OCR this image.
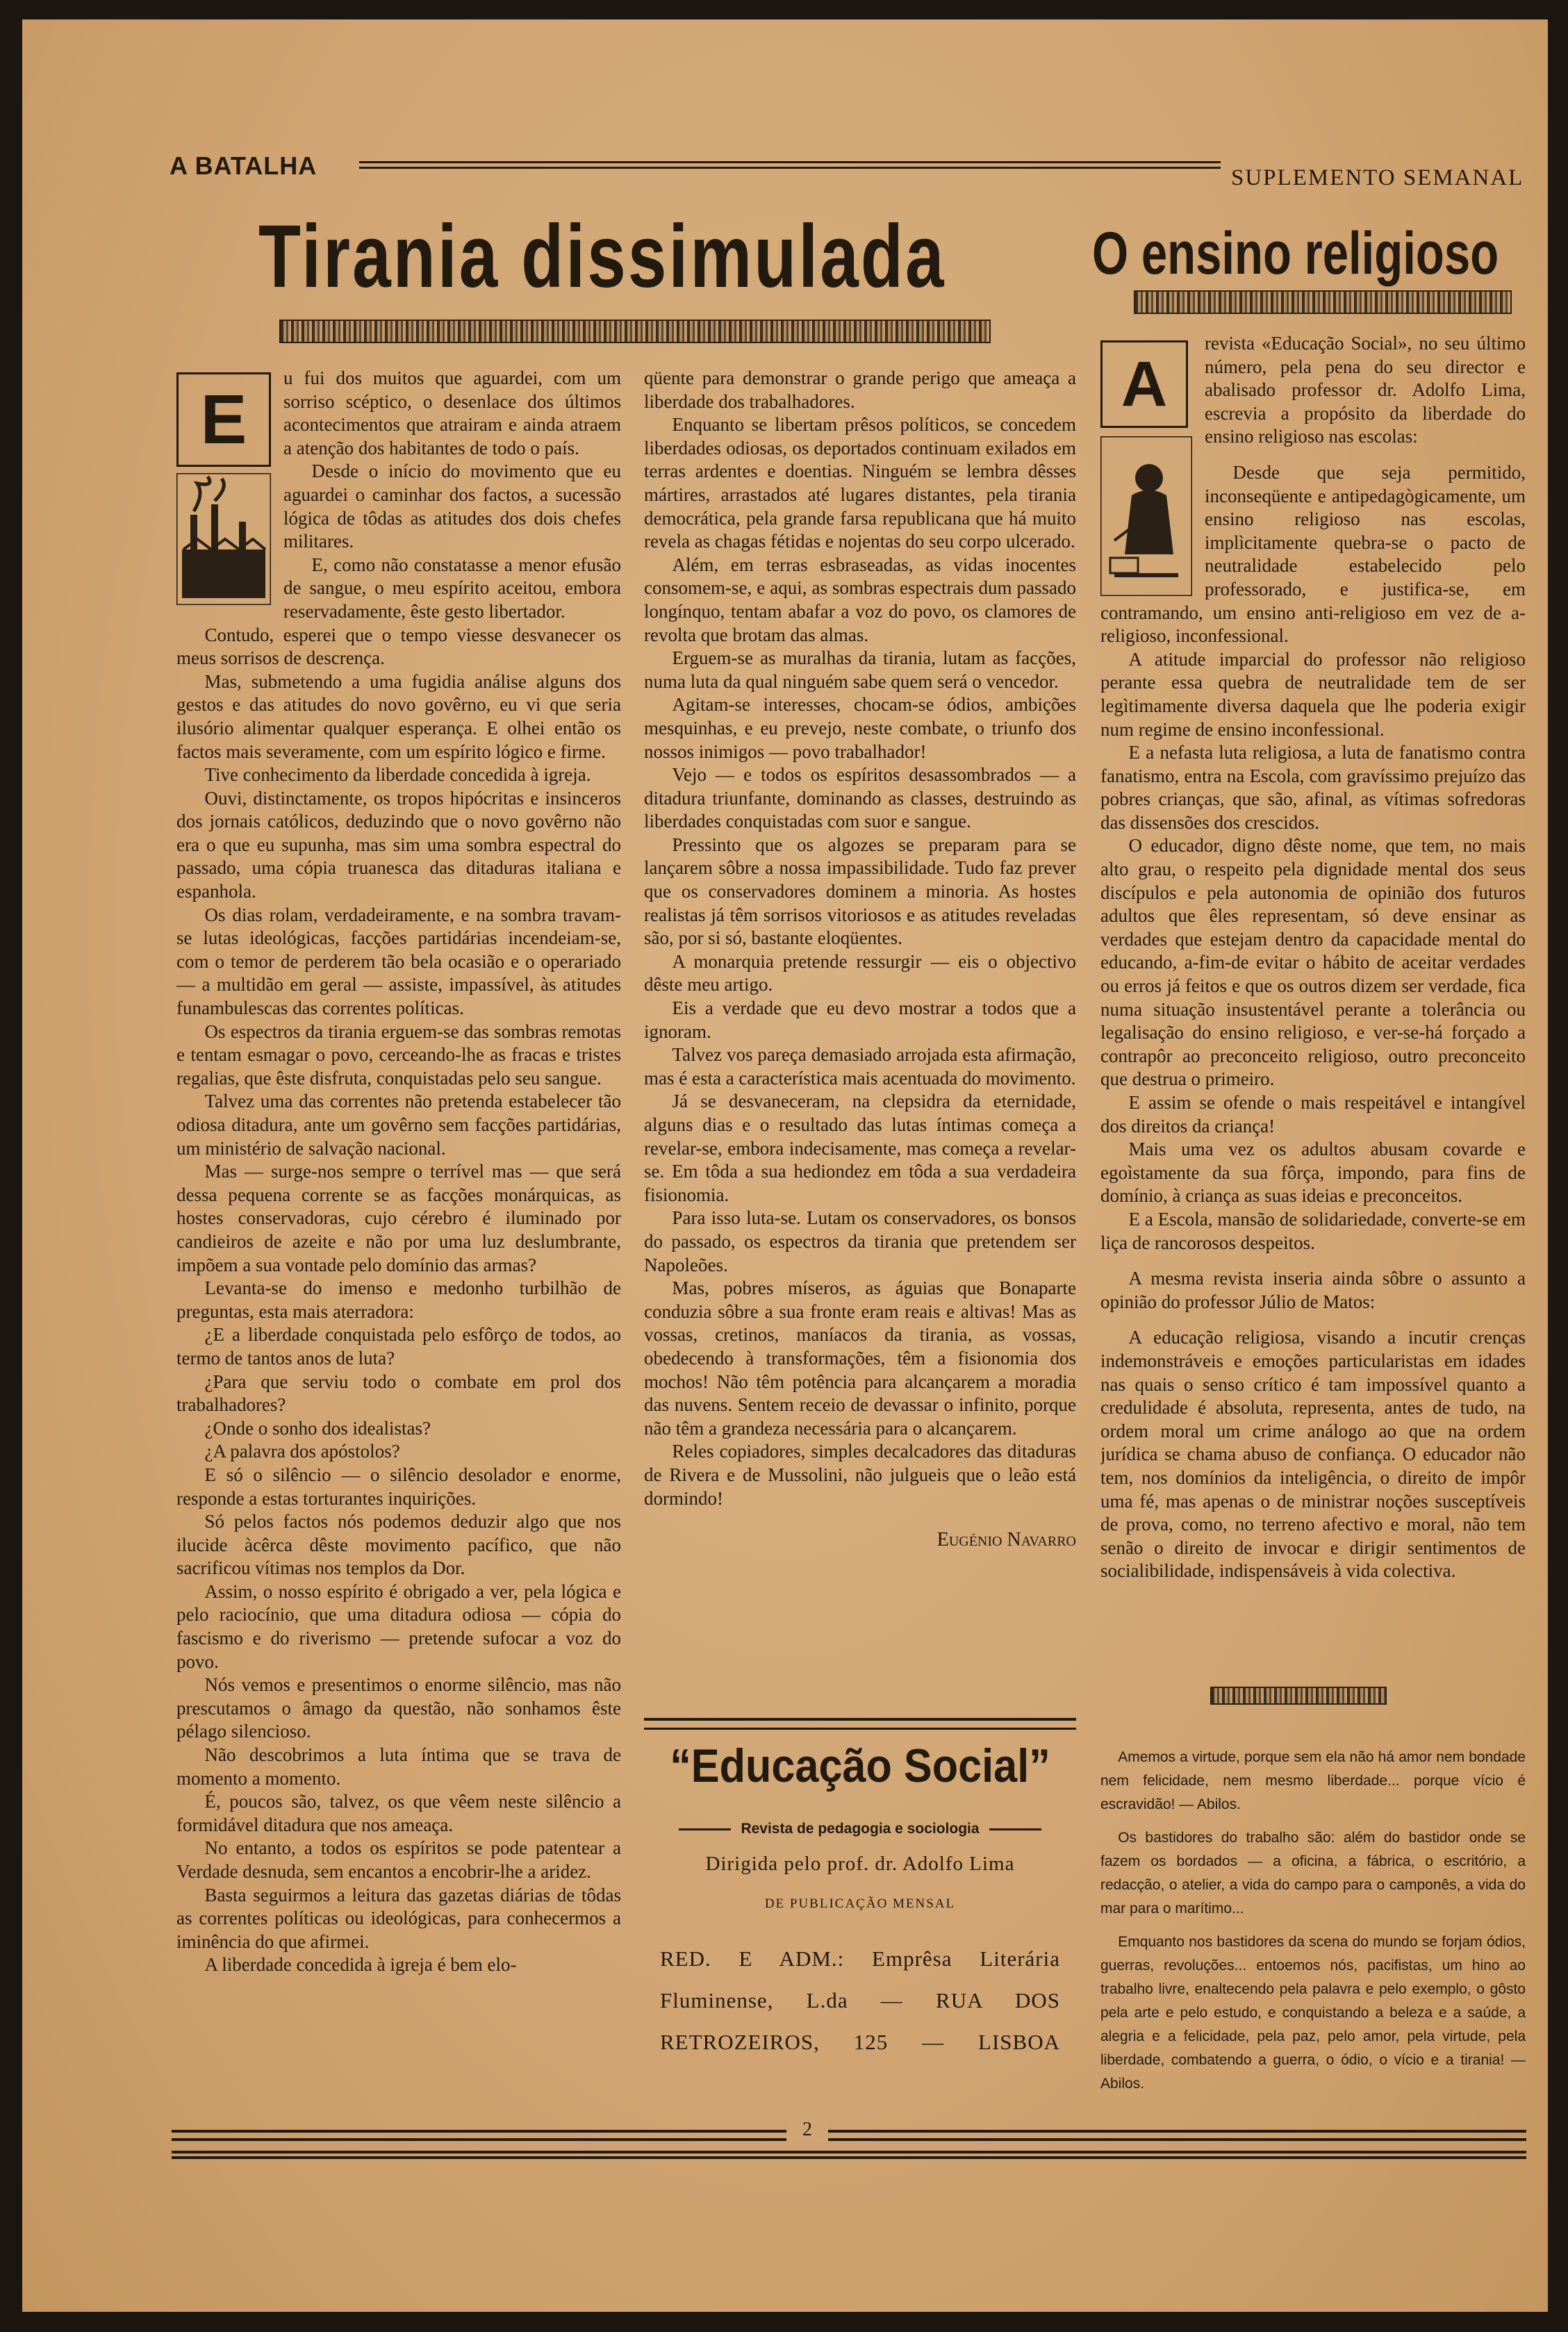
A BATALHA	SUPLEMENTO SEMANAL
Tirania dissimulada O ensino religioso
E

u fui dos muitos que aguardei, com um sorriso scéptico, o desenlace dos últimos acontecimentos que atrairam e ainda atraem a atenção dos habitantes de todo o país.

Desde o início do movimento que eu aguardei o caminhar dos factos, a sucessão lógica de tôdas as atitudes dos dois chefes militares.

E, como não constatasse a menor efusão de sangue, o meu espírito aceitou, embora reservadamente, êste gesto libertador.

Contudo, esperei que o tempo viesse desvanecer os meus sorrisos de descrença.

Mas, submetendo a uma fugidia análise alguns dos gestos e das atitudes do novo govêrno, eu vi que seria ilusório alimentar qualquer esperança. E olhei então os factos mais severamente, com um espírito lógico e firme.

Tive conhecimento da liberdade concedida à igreja.

Ouvi, distinctamente, os tropos hipócritas e insinceros dos jornais católicos, deduzindo que o novo govêrno não era o que eu supunha, mas sim uma sombra espectral do passado, uma cópia truanesca das ditaduras italiana e espanhola.

Os dias rolam, verdadeiramente, e na sombra travam-se lutas ideológicas, facções partidárias incendeiam-se, com o temor de perderem tão bela ocasião e o operariado — a multidão em geral — assiste, impassível, às atitudes funambulescas das correntes políticas.

Os espectros da tirania erguem-se das sombras remotas e tentam esmagar o povo, cerceando-lhe as fracas e tristes regalias, que êste disfruta, conquistadas pelo seu sangue.

Talvez uma das correntes não pretenda estabelecer tão odiosa ditadura, ante um govêrno sem facções partidárias, um ministério de salvação nacional.

Mas — surge-nos sempre o terrível mas — que será dessa pequena corrente se as facções monárquicas, as hostes conservadoras, cujo cérebro é iluminado por candieiros de azeite e não por uma luz deslumbrante, impõem a sua vontade pelo domínio das armas?

Levanta-se do imenso e medonho turbilhão de preguntas, esta mais aterradora:

¿E a liberdade conquistada pelo esfôrço de todos, ao termo de tantos anos de luta?

¿Para que serviu todo o combate em prol dos trabalhadores?

¿Onde o sonho dos idealistas?

¿A palavra dos apóstolos?

E só o silêncio — o silêncio desolador e enorme, responde a estas torturantes inquirições.

Só pelos factos nós podemos deduzir algo que nos ilucide àcêrca dêste movimento pacífico, que não sacrificou vítimas nos templos da Dor.

Assim, o nosso espírito é obrigado a ver, pela lógica e pelo raciocínio, que uma ditadura odiosa — cópia do fascismo e do riverismo — pretende sufocar a voz do povo.

Nós vemos e presentimos o enorme silêncio, mas não prescutamos o âmago da questão, não sonhamos êste pélago silencioso.

Não descobrimos a luta íntima que se trava de momento a momento.

É, poucos são, talvez, os que vêem neste silêncio a formidável ditadura que nos ameaça.

No entanto, a todos os espíritos se pode patentear a Verdade desnuda, sem encantos a encobrir-lhe a aridez.

Basta seguirmos a leitura das gazetas diárias de tôdas as correntes políticas ou ideológicas, para conhecermos a iminência do que afirmei.

A liberdade concedida à igreja é bem elo-

qüente para demonstrar o grande perigo que ameaça a liberdade dos trabalhadores.

Enquanto se libertam prêsos políticos, se concedem liberdades odiosas, os deportados continuam exilados em terras ardentes e doentias. Ninguém se lembra dêsses mártires, arrastados até lugares distantes, pela tirania democrática, pela grande farsa republicana que há muito revela as chagas fétidas e nojentas do seu corpo ulcerado.

Além, em terras esbraseadas, as vidas inocentes consomem-se, e aqui, as sombras espectrais dum passado longínquo, tentam abafar a voz do povo, os clamores de revolta que brotam das almas.

Erguem-se as muralhas da tirania, lutam as facções, numa luta da qual ninguém sabe quem será o vencedor.

Agitam-se interesses, chocam-se ódios, ambições mesquinhas, e eu prevejo, neste combate, o triunfo dos nossos inimigos — povo trabalhador!

Vejo — e todos os espíritos desassombrados — a ditadura triunfante, dominando as classes, destruindo as liberdades conquistadas com suor e sangue.

Pressinto que os algozes se preparam para se lançarem sôbre a nossa impassibilidade. Tudo faz prever que os conservadores dominem a minoria. As hostes realistas já têm sorrisos vitoriosos e as atitudes reveladas são, por si só, bastante eloqüentes.

A monarquia pretende ressurgir — eis o objectivo dêste meu artigo.

Eis a verdade que eu devo mostrar a todos que a ignoram.

Talvez vos pareça demasiado arrojada esta afirmação, mas é esta a característica mais acentuada do movimento.

Já se desvaneceram, na clepsidra da eternidade, alguns dias e o resultado das lutas íntimas começa a revelar-se, embora indecisamente, mas começa a revelar-se. Em tôda a sua hediondez em tôda a sua verdadeira fisionomia.

Para isso luta-se. Lutam os conservadores, os bonsos do passado, os espectros da tirania que pretendem ser Napoleões.

Mas, pobres míseros, as águias que Bonaparte conduzia sôbre a sua fronte eram reais e altivas! Mas as vossas, cretinos, maníacos da tirania, as vossas, obedecendo à transformações, têm a fisionomia dos mochos! Não têm potência para alcançarem a moradia das nuvens. Sentem receio de devassar o infinito, porque não têm a grandeza necessária para o alcançarem.

Reles copiadores, simples decalcadores das ditaduras de Rivera e de Mussolini, não julgueis que o leão está dormindo!

Eugénio Navarro
“Educação Social”
Revista de pedagogia e sociologia
Dirigida pelo prof. dr. Adolfo Lima
DE PUBLICAÇÃO MENSAL
RED. E ADM.: Emprêsa Literária Fluminense, L.da — RUA DOS RETROZEIROS, 125 — LISBOA
A

revista «Educação Social», no seu último número, pela pena do seu director e abalisado professor dr. Adolfo Lima, escrevia a propósito da liberdade do ensino religioso nas escolas:

Desde que seja permitido, inconseqüente e antipedagògicamente, um ensino religioso nas escolas, implìcitamente quebra-se o pacto de neutralidade estabelecido pelo professorado, e justifica-se, em contramando, um ensino anti-religioso em vez de a-religioso, inconfessional.

A atitude imparcial do professor não religioso perante essa quebra de neutralidade tem de ser legìtimamente diversa daquela que lhe poderia exigir num regime de ensino inconfessional.

E a nefasta luta religiosa, a luta de fanatismo contra fanatismo, entra na Escola, com gravíssimo prejuízo das pobres crianças, que são, afinal, as vítimas sofredoras das dissensões dos crescidos.

O educador, digno dêste nome, que tem, no mais alto grau, o respeito pela dignidade mental dos seus discípulos e pela autonomia de opinião dos futuros adultos que êles representam, só deve ensinar as verdades que estejam dentro da capacidade mental do educando, a-fim-de evitar o hábito de aceitar verdades ou erros já feitos e que os outros dizem ser verdade, fica numa situação insustentável perante a tolerância ou legalisação do ensino religioso, e ver-se-há forçado a contrapôr ao preconceito religioso, outro preconceito que destrua o primeiro.

E assim se ofende o mais respeitável e intangível dos direitos da criança!

Mais uma vez os adultos abusam covarde e egoìstamente da sua fôrça, impondo, para fins de domínio, à criança as suas ideias e preconceitos.

E a Escola, mansão de solidariedade, converte-se em liça de rancorosos despeitos.

A mesma revista inseria ainda sôbre o assunto a opinião do professor Júlio de Matos:

A educação religiosa, visando a incutir crenças indemonstráveis e emoções particularistas em idades nas quais o senso crítico é tam impossível quanto a credulidade é absoluta, representa, antes de tudo, na ordem moral um crime análogo ao que na ordem jurídica se chama abuso de confiança. O educador não tem, nos domínios da inteligência, o direito de impôr uma fé, mas apenas o de ministrar noções susceptíveis de prova, como, no terreno afectivo e moral, não tem senão o direito de invocar e dirigir sentimentos de socialibilidade, indispensáveis à vida colectiva.

Amemos a virtude, porque sem ela não há amor nem bondade nem felicidade, nem mesmo liberdade... porque vício é escravidão! — Abilos.

Os bastidores do trabalho são: além do bastidor onde se fazem os bordados — a oficina, a fábrica, o escritório, a redacção, o atelier, a vida do campo para o camponês, a vida do mar para o marítimo...

Emquanto nos bastidores da scena do mundo se forjam ódios, guerras, revoluções... entoemos nós, pacifistas, um hino ao trabalho livre, enaltecendo pela palavra e pelo exemplo, o gôsto pela arte e pelo estudo, e conquistando a beleza e a saúde, a alegria e a felicidade, pela paz, pelo amor, pela virtude, pela liberdade, combatendo a guerra, o ódio, o vício e a tirania! — Abilos.

2
